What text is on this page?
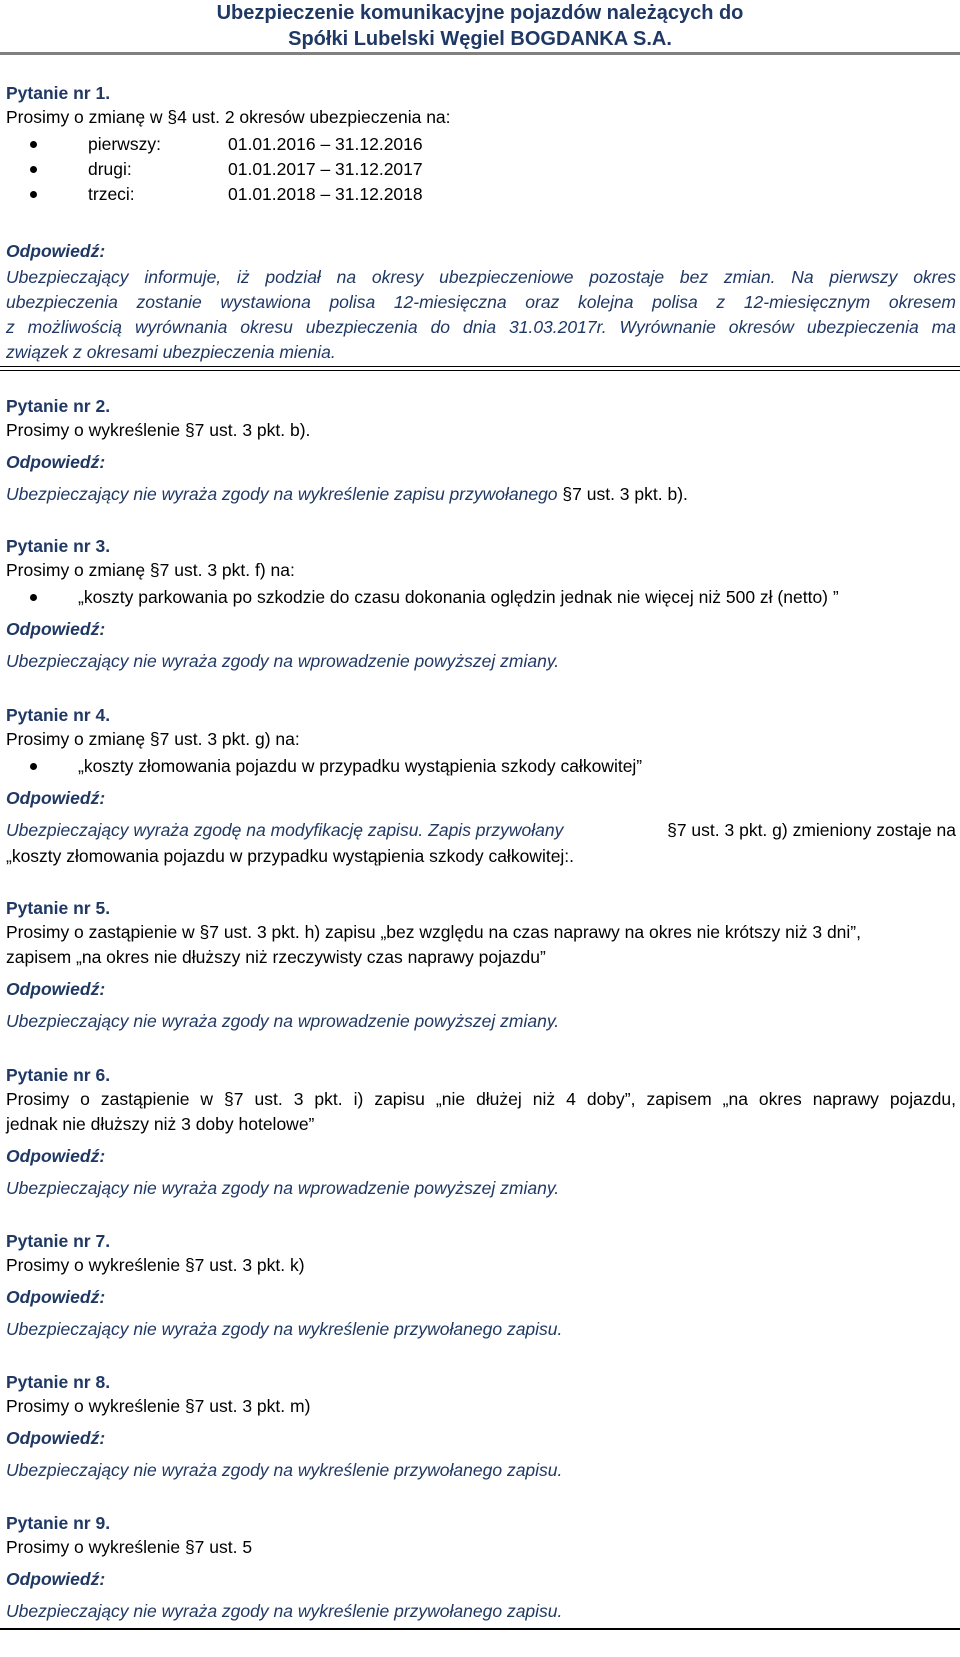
Ubezpieczenie komunikacyjne pojazdów należących do
Spółki Lubelski Węgiel BOGDANKA S.A.
Pytanie nr 1.
Prosimy o zmianę w §4 ust. 2 okresów ubezpieczenia na:
pierwszy:	01.01.2016 – 31.12.2016
drugi:	01.01.2017 – 31.12.2017
trzeci:	01.01.2018 – 31.12.2018
Odpowiedź:
Ubezpieczający informuje, iż podział na okresy ubezpieczeniowe pozostaje bez zmian. Na pierwszy okres
ubezpieczenia zostanie wystawiona polisa 12-miesięczna oraz kolejna polisa z 12-miesięcznym okresem
z możliwością wyrównania okresu ubezpieczenia do dnia 31.03.2017r. Wyrównanie okresów ubezpieczenia ma
związek z okresami ubezpieczenia mienia.
Pytanie nr 2.
Prosimy o wykreślenie §7 ust. 3 pkt. b).
Odpowiedź:
Ubezpieczający nie wyraża zgody na wykreślenie zapisu przywołanego §7 ust. 3 pkt. b).
Pytanie nr 3.
Prosimy o zmianę §7 ust. 3 pkt. f) na:
„koszty parkowania po szkodzie do czasu dokonania oględzin jednak nie więcej niż 500 zł (netto) ”
Odpowiedź:
Ubezpieczający nie wyraża zgody na wprowadzenie powyższej zmiany.
Pytanie nr 4.
Prosimy o zmianę §7 ust. 3 pkt. g) na:
„koszty złomowania pojazdu w przypadku wystąpienia szkody całkowitej”
Odpowiedź:
Ubezpieczający wyraża zgodę na modyfikację zapisu. Zapis przywołany	§7 ust. 3 pkt. g) zmieniony zostaje na
„koszty złomowania pojazdu w przypadku wystąpienia szkody całkowitej:.
Pytanie nr 5.
Prosimy o zastąpienie w §7 ust. 3 pkt. h) zapisu „bez względu na czas naprawy na okres nie krótszy niż 3 dni”,
zapisem „na okres nie dłuższy niż rzeczywisty czas naprawy pojazdu”
Odpowiedź:
Ubezpieczający nie wyraża zgody na wprowadzenie powyższej zmiany.
Pytanie nr 6.
Prosimy o zastąpienie w §7 ust. 3 pkt. i) zapisu „nie dłużej niż 4 doby”, zapisem „na okres naprawy pojazdu,
jednak nie dłuższy niż 3 doby hotelowe”
Odpowiedź:
Ubezpieczający nie wyraża zgody na wprowadzenie powyższej zmiany.
Pytanie nr 7.
Prosimy o wykreślenie §7 ust. 3 pkt. k)
Odpowiedź:
Ubezpieczający nie wyraża zgody na wykreślenie przywołanego zapisu.
Pytanie nr 8.
Prosimy o wykreślenie §7 ust. 3 pkt. m)
Odpowiedź:
Ubezpieczający nie wyraża zgody na wykreślenie przywołanego zapisu.
Pytanie nr 9.
Prosimy o wykreślenie §7 ust. 5
Odpowiedź:
Ubezpieczający nie wyraża zgody na wykreślenie przywołanego zapisu.
